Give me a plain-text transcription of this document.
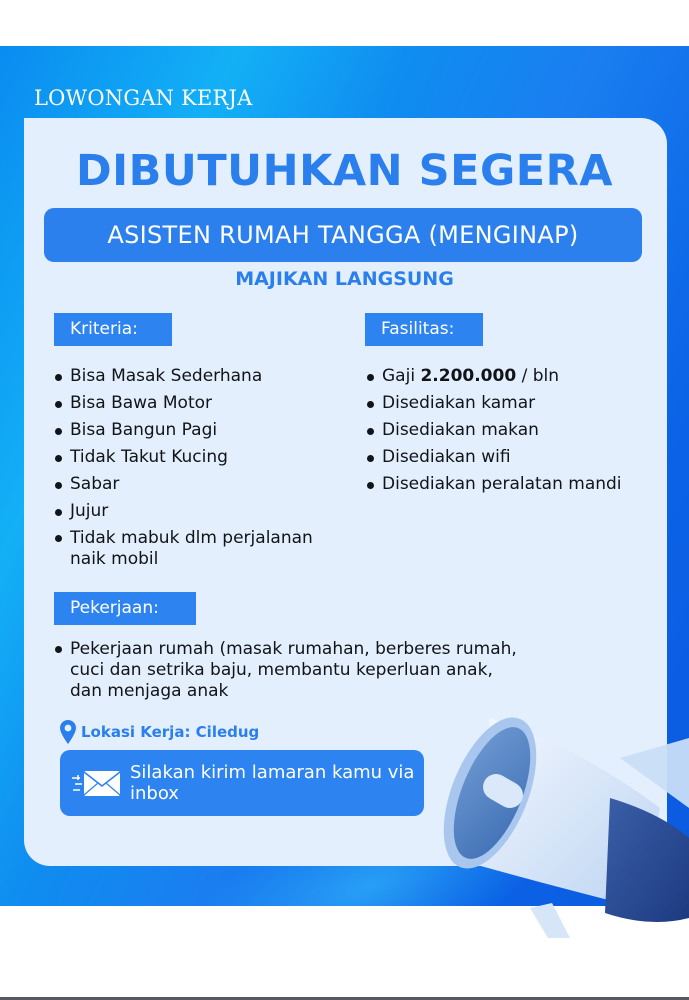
LOWONGAN KERJA
DIBUTUHKAN SEGERA
ASISTEN RUMAH TANGGA (MENGINAP)
MAJIKAN LANGSUNG
Kriteria:
Bisa Masak Sederhana
Bisa Bawa Motor
Bisa Bangun Pagi
Tidak Takut Kucing
Sabar
Jujur
Tidak mabuk dlm perjalanan naik mobil
Fasilitas:
Gaji 2.200.000 / bln
Disediakan kamar
Disediakan makan
Disediakan wifi
Disediakan peralatan mandi
Pekerjaan:
Pekerjaan rumah (masak rumahan, berberes rumah, cuci dan setrika baju, membantu keperluan anak, dan menjaga anak
Lokasi Kerja: Ciledug
Silakan kirim lamaran kamu via inbox
